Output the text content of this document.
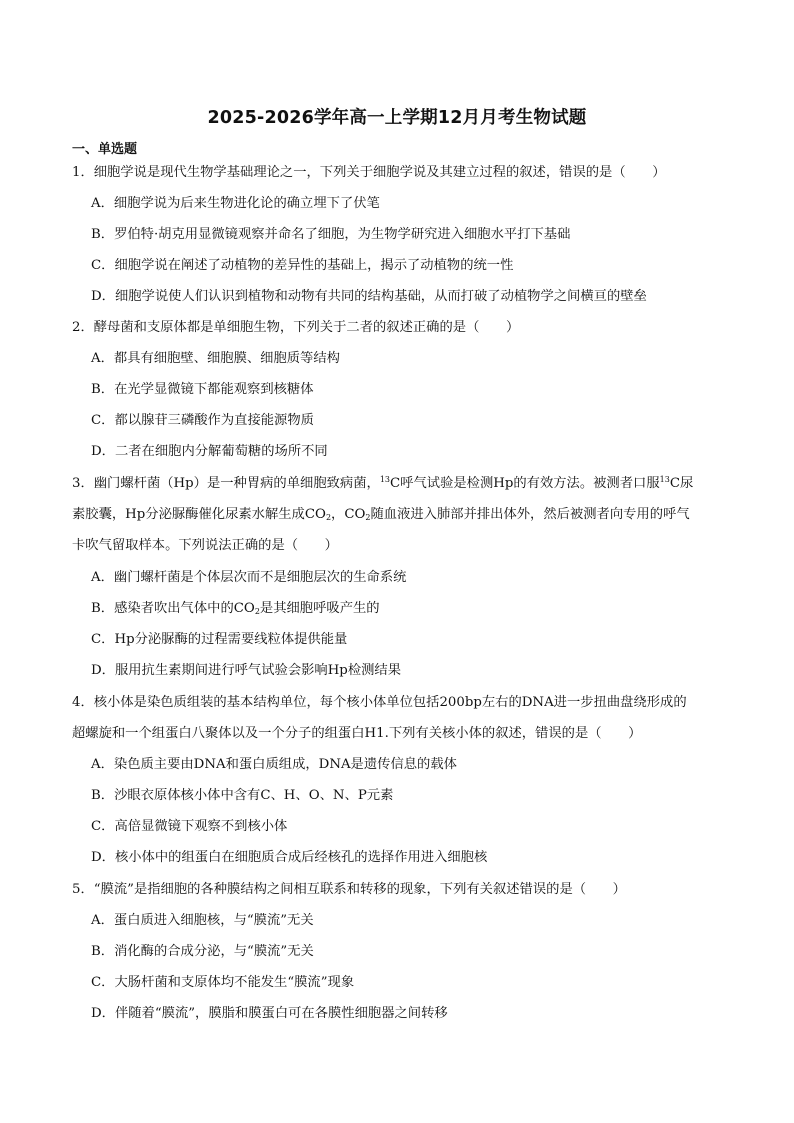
2025-2026学年高一上学期12月月考生物试题
一、单选题
1．细胞学说是现代生物学基础理论之一，下列关于细胞学说及其建立过程的叙述，错误的是（　　）
A．细胞学说为后来生物进化论的确立埋下了伏笔
B．罗伯特·胡克用显微镜观察并命名了细胞，为生物学研究进入细胞水平打下基础
C．细胞学说在阐述了动植物的差异性的基础上，揭示了动植物的统一性
D．细胞学说使人们认识到植物和动物有共同的结构基础，从而打破了动植物学之间横亘的壁垒
2．酵母菌和支原体都是单细胞生物，下列关于二者的叙述正确的是（　　）
A．都具有细胞壁、细胞膜、细胞质等结构
B．在光学显微镜下都能观察到核糖体
C．都以腺苷三磷酸作为直接能源物质
D．二者在细胞内分解葡萄糖的场所不同
3．幽门螺杆菌（Hp）是一种胃病的单细胞致病菌，$^{13}$C呼气试验是检测Hp的有效方法。被测者口服$^{13}$C尿
素胶囊，Hp分泌脲酶催化尿素水解生成$CO_2$，$CO_2$随血液进入肺部并排出体外，然后被测者向专用的呼气
卡吹气留取样本。下列说法正确的是（　　）
A．幽门螺杆菌是个体层次而不是细胞层次的生命系统
B．感染者吹出气体中的$CO_2$是其细胞呼吸产生的
C．Hp分泌脲酶的过程需要线粒体提供能量
D．服用抗生素期间进行呼气试验会影响Hp检测结果
4．核小体是染色质组装的基本结构单位，每个核小体单位包括200bp左右的DNA进一步扭曲盘绕形成的
超螺旋和一个组蛋白八聚体以及一个分子的组蛋白H1.下列有关核小体的叙述，错误的是（　　）
A．染色质主要由DNA和蛋白质组成，DNA是遗传信息的载体
B．沙眼衣原体核小体中含有C、H、O、N、P元素
C．高倍显微镜下观察不到核小体
D．核小体中的组蛋白在细胞质合成后经核孔的选择作用进入细胞核
5．“膜流”是指细胞的各种膜结构之间相互联系和转移的现象，下列有关叙述错误的是（　　）
A．蛋白质进入细胞核，与“膜流”无关
B．消化酶的合成分泌，与“膜流”无关
C．大肠杆菌和支原体均不能发生“膜流”现象
D．伴随着“膜流”，膜脂和膜蛋白可在各膜性细胞器之间转移
